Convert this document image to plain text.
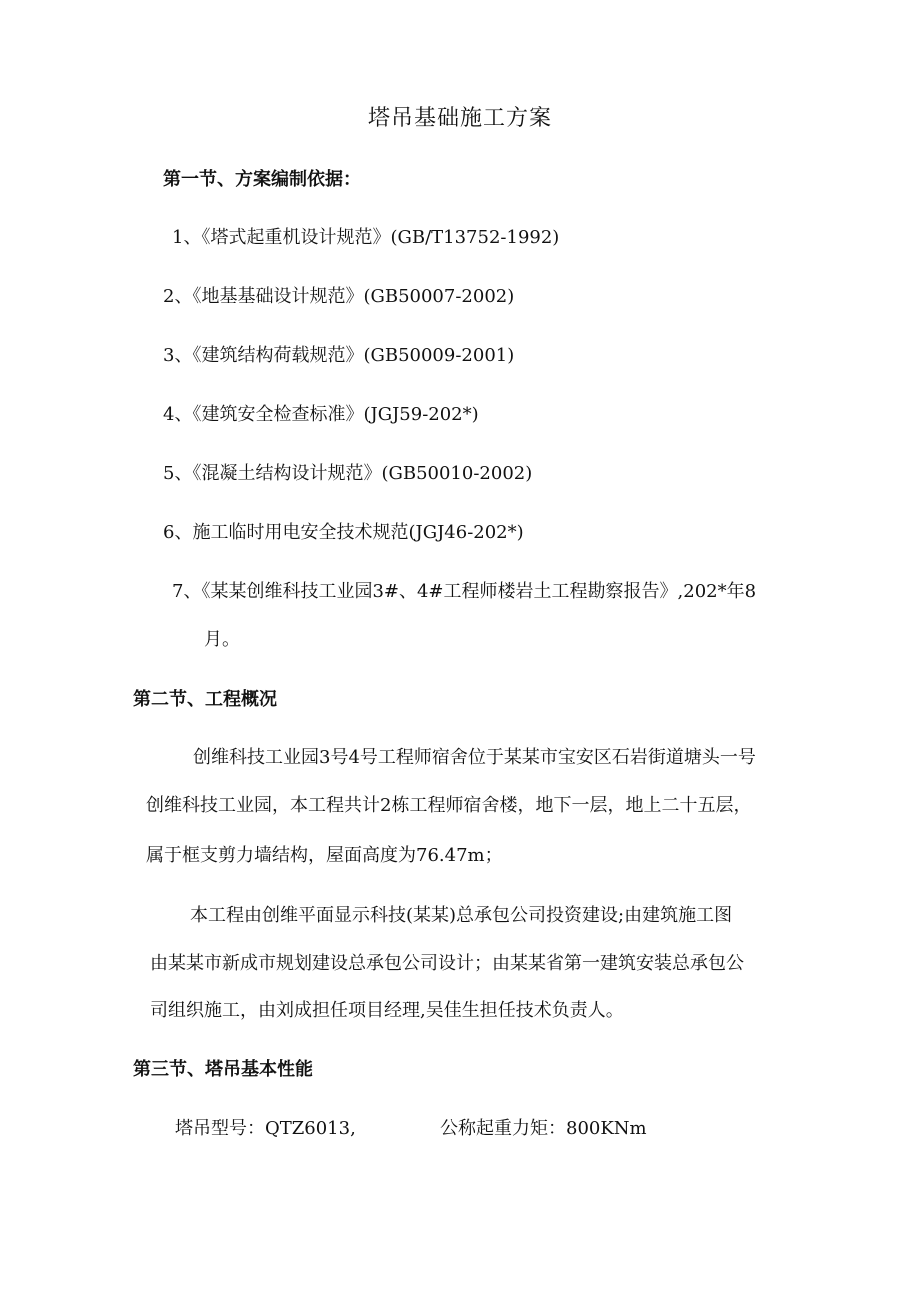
塔吊基础施工方案
第一节、方案编制依据：
1、《塔式起重机设计规范》(GB/T13752-1992)
2、《地基基础设计规范》(GB50007-2002)
3、《建筑结构荷载规范》(GB50009-2001)
4、《建筑安全检查标准》(JGJ59-202*)
5、《混凝土结构设计规范》(GB50010-2002)
6、施工临时用电安全技术规范(JGJ46-202*)
7、《某某创维科技工业园3#、4#工程师楼岩土工程勘察报告》,202*年8
月。
第二节、工程概况
创维科技工业园3号4号工程师宿舍位于某某市宝安区石岩街道塘头一号
创维科技工业园，本工程共计2栋工程师宿舍楼，地下一层，地上二十五层，
属于框支剪力墙结构，屋面高度为76.47m；
本工程由创维平面显示科技(某某)总承包公司投资建设;由建筑施工图
由某某市新成市规划建设总承包公司设计；由某某省第一建筑安装总承包公
司组织施工，由刘成担任项目经理,吴佳生担任技术负责人。
第三节、塔吊基本性能
塔吊型号：QTZ6013,	公称起重力矩：800KNm
